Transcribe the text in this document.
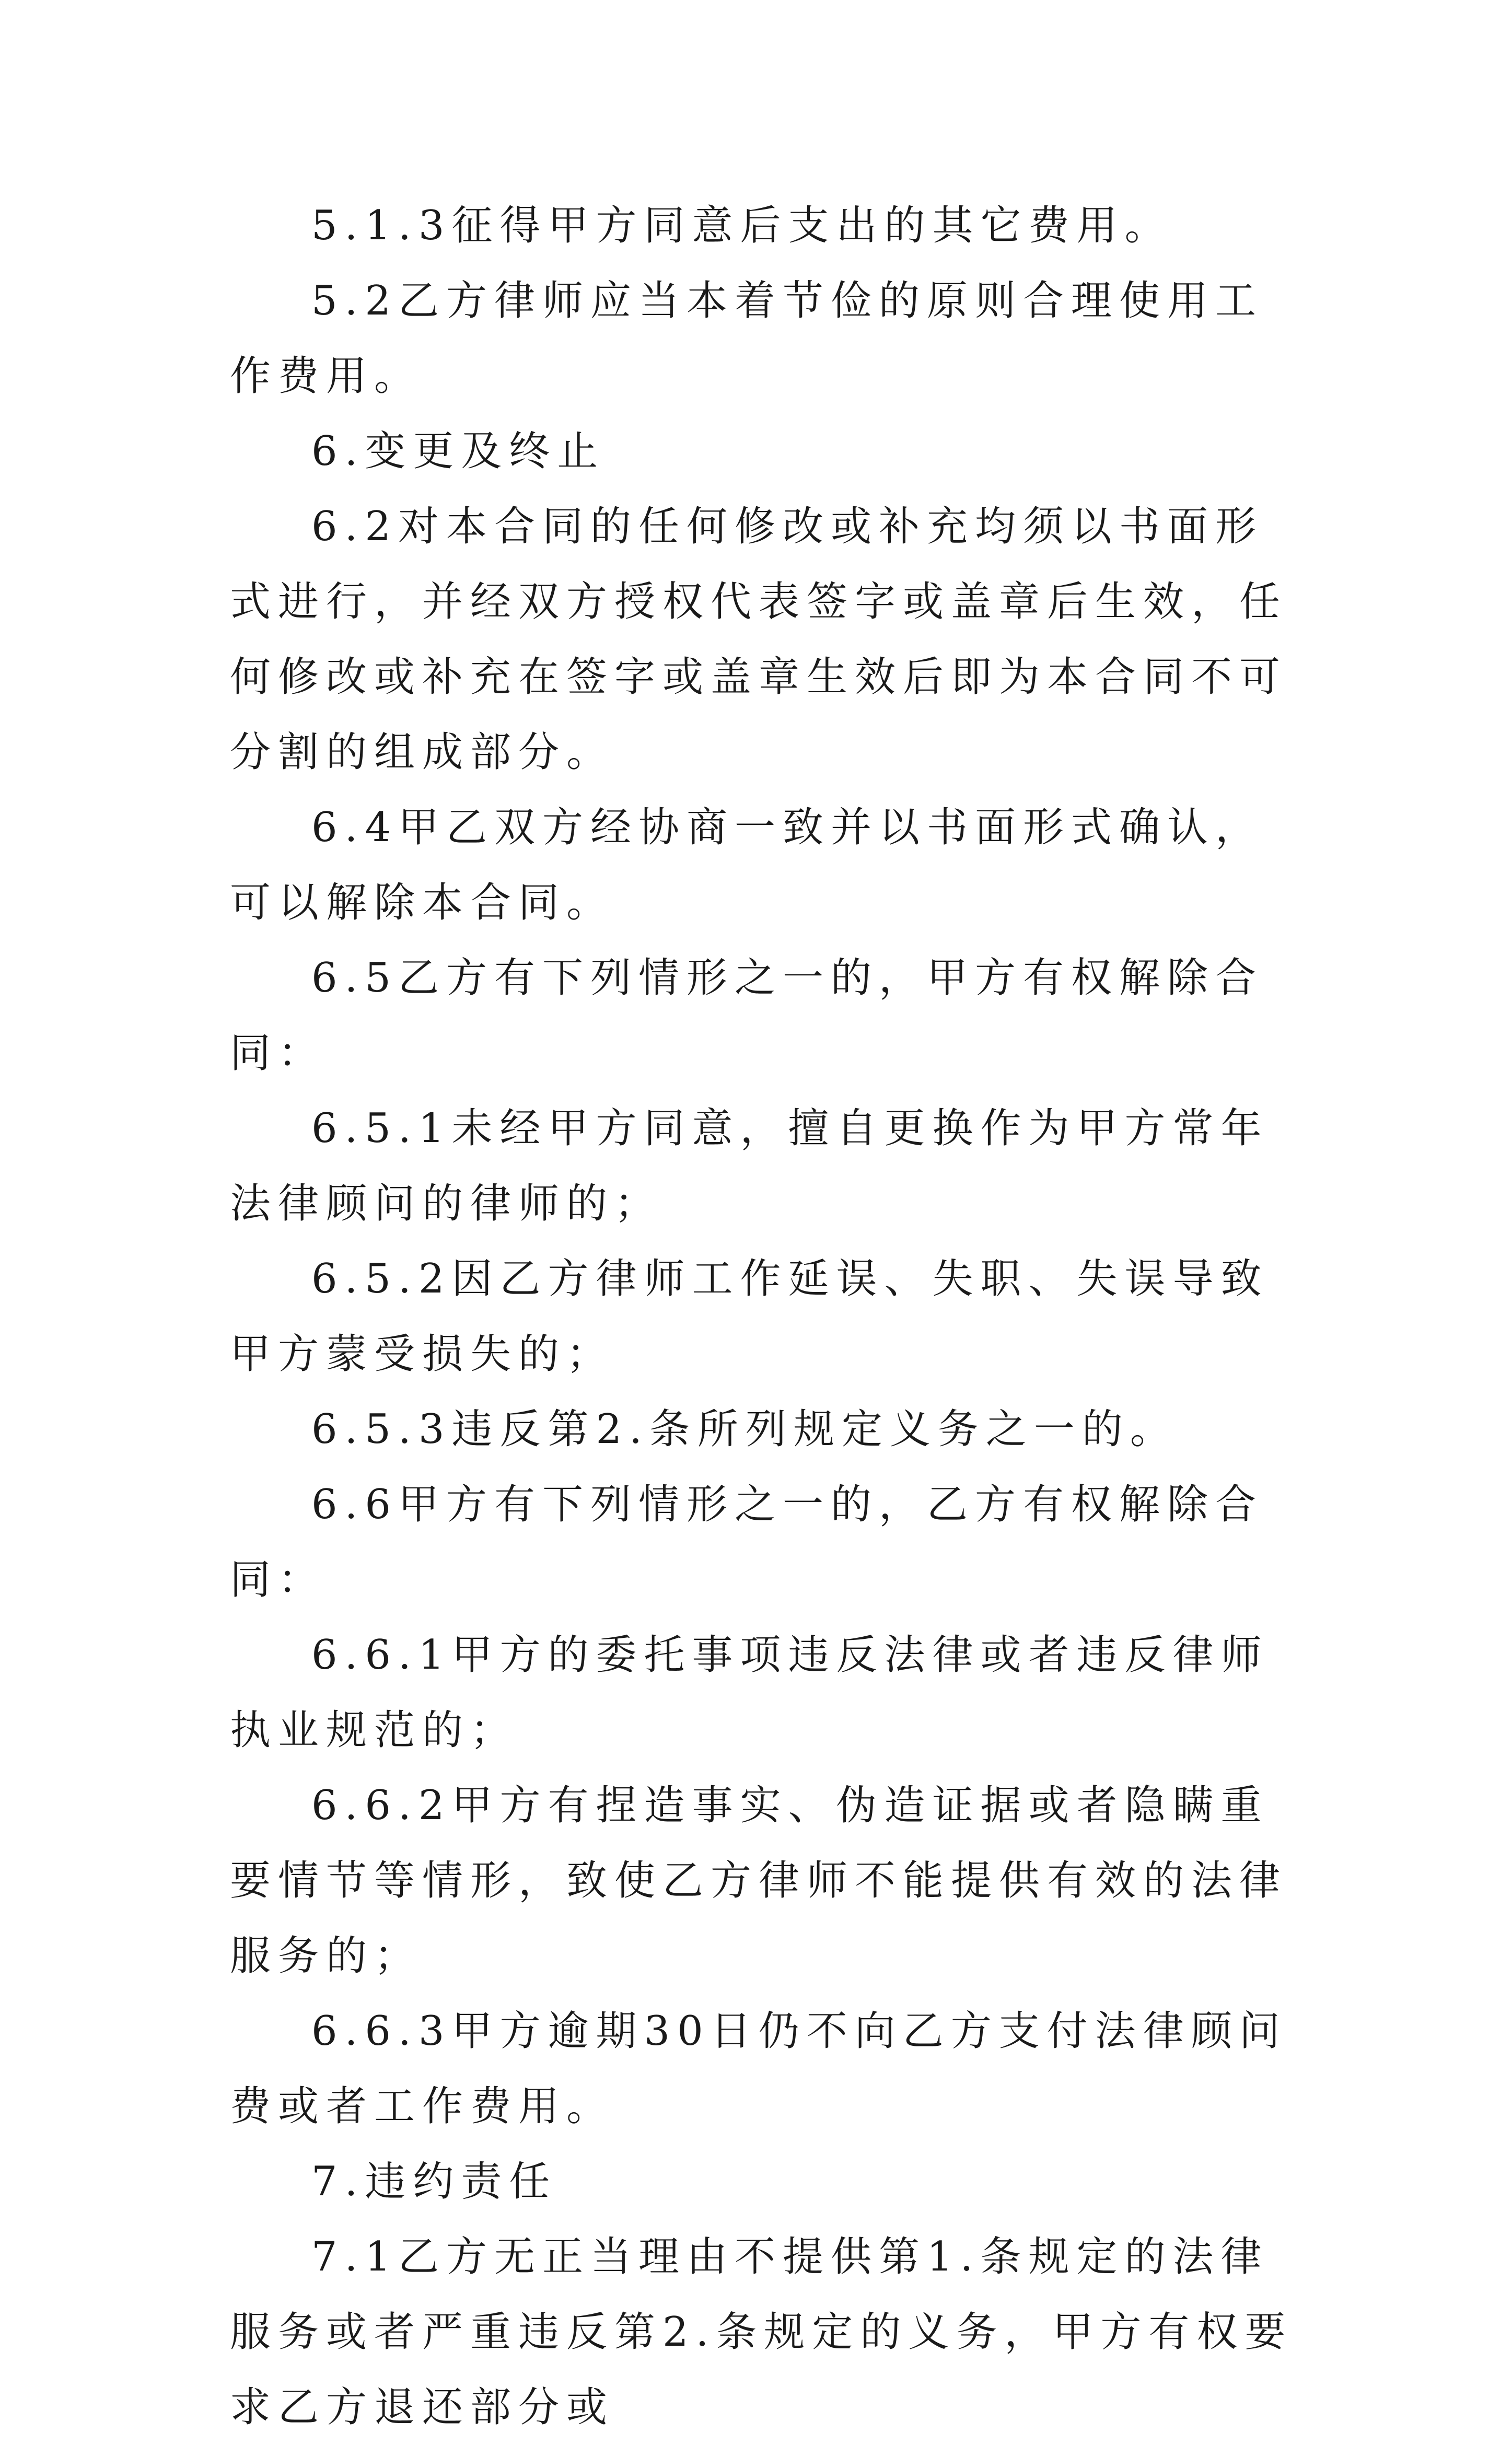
5.1.3征得甲方同意后支出的其它费用。

5.2乙方律师应当本着节俭的原则合理使用工作费用。

6.变更及终止

6.2对本合同的任何修改或补充均须以书面形式进行，并经双方授权代表签字或盖章后生效，任何修改或补充在签字或盖章生效后即为本合同不可分割的组成部分。

6.4甲乙双方经协商一致并以书面形式确认，可以解除本合同。

6.5乙方有下列情形之一的，甲方有权解除合同：

6.5.1未经甲方同意，擅自更换作为甲方常年法律顾问的律师的；

6.5.2因乙方律师工作延误、失职、失误导致甲方蒙受损失的；

6.5.3违反第2.条所列规定义务之一的。

6.6甲方有下列情形之一的，乙方有权解除合同：

6.6.1甲方的委托事项违反法律或者违反律师执业规范的；

6.6.2甲方有捏造事实、伪造证据或者隐瞒重要情节等情形，致使乙方律师不能提供有效的法律服务的；

6.6.3甲方逾期30日仍不向乙方支付法律顾问费或者工作费用。

7.违约责任

7.1乙方无正当理由不提供第1.条规定的法律服务或者严重违反第2.条规定的义务，甲方有权要求乙方退还部分或
